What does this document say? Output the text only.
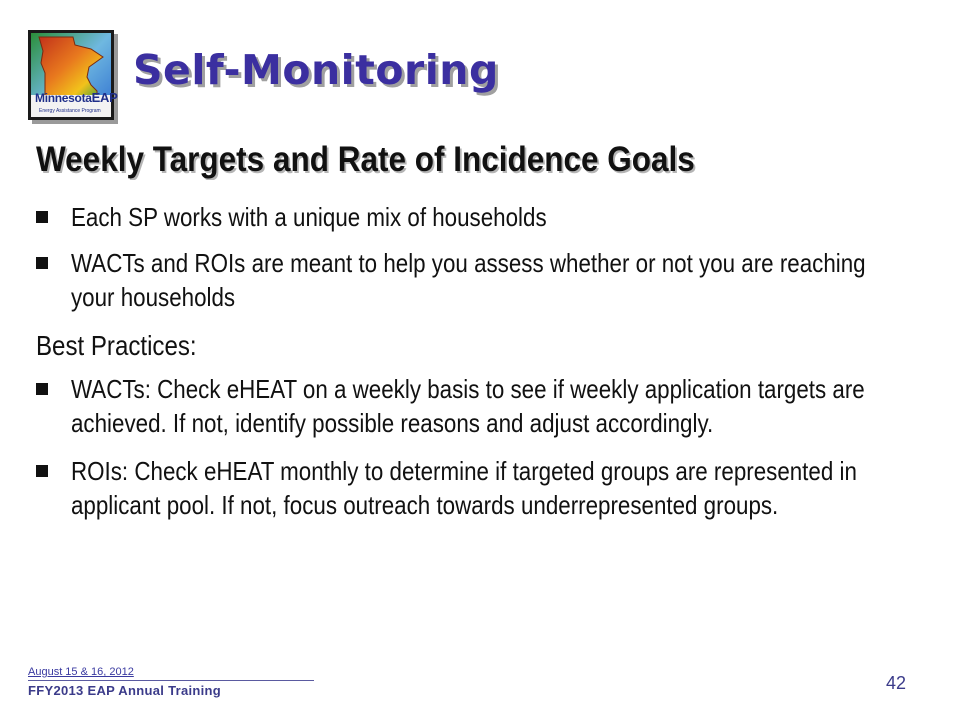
MinnesotaEAP
Energy Assistance Program
Self-Monitoring
Weekly Targets and Rate of Incidence Goals
Each SP works with a unique mix of households
WACTs and ROIs are meant to help you assess whether or not you are reaching your households
Best Practices:
WACTs: Check eHEAT on a weekly basis to see if weekly application targets are achieved. If not, identify possible reasons and adjust accordingly.
ROIs: Check eHEAT monthly to determine if targeted groups are represented in applicant pool. If not, focus outreach towards underrepresented groups.
August 15 & 16, 2012
FFY2013 EAP Annual Training	42
